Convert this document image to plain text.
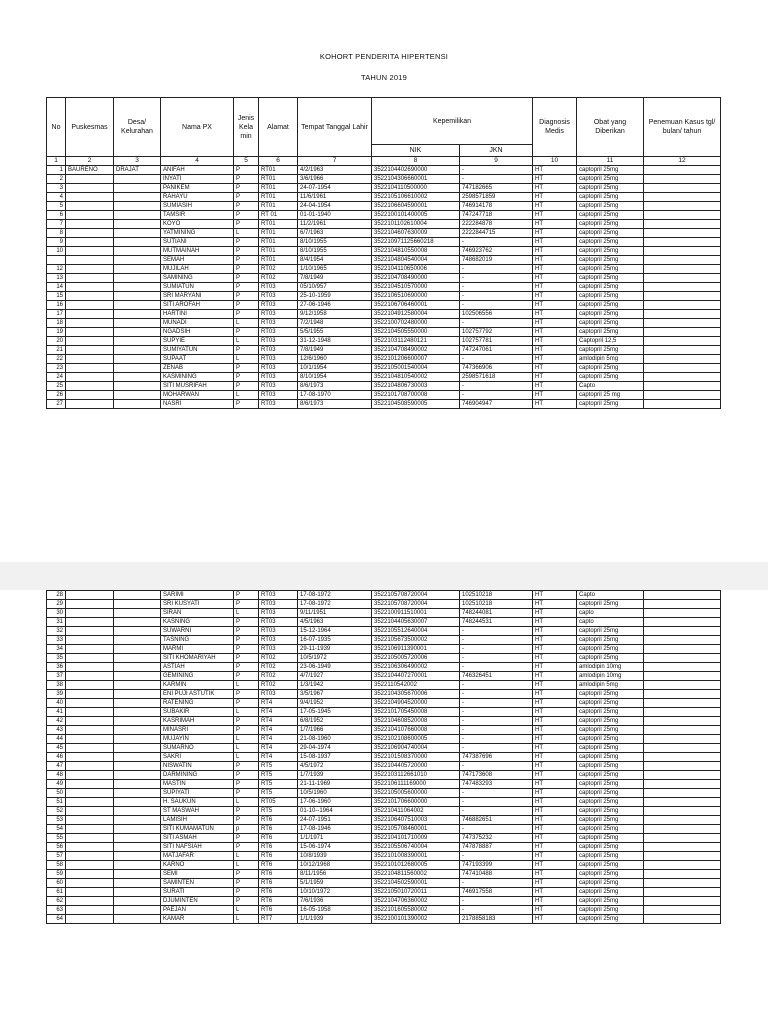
KOHORT PENDERITA HIPERTENSI
TAHUN 2019
No	Puskesmas	Desa/ Kelurahan	Nama PX	Jenis Kela min	Alamat	Tempat Tanggal Lahir	Kepemilikan		Diagnosis Medis	Obat yang Diberikan	Penemuan Kasus tgl/ bulan/ tahun
							NIK	JKN			
1	2	3	4	5	6	7	8	9	10	11	12
1	BAURENO	DRAJAT	ANIFAH	P	RT01	4/2/1963	3522104402690000	-	HT	captopril 25mg	
2			INYATI	P	RT01	3/6/1966	3522104306660001	-	HT	captopril 25mg	
3			PANIKEM	P	RT01	24-07-1954	3522104110500000	747182665	HT	captopril 25mg	
4			RAHAYU	P	RT01	11/6/1961	3522105106610002	2598571859	HT	captopril 25mg	
5			SUMIASIH	P	RT01	24-04-1954	3522106604590001	746914178	HT	captopril 25mg	
6			TAMSIR	P	RT 01	01-01-1940	3522100101400005	747247718	HT	captopril 25mg	
7			KOYO	P	RT01	11/2/1961	3522101102610004	222284878	HT	captopril 25mg	
8			YATMINING	L	RT01	6/7/1963	3522104607630009	2222844715	HT	captopril 25mg	
9			SUTIANI	P	RT01	8/10/1955	352210971125660218	-	HT	captopril 25mg	
10			MUTMAINAH	P	RT01	8/10/1955	3522104810550008	746923762	HT	captopril 25mg	
			SEMAH	P	RT01	8/4/1954	3522104804540004	748682019	HT	captopril 25mg	
12			MUJILAH	P	RT02	1/10/1965	3522104110650006	-	HT	captopril 25mg	
13			SAMINING	P	RT02	7/8/1949	3522104708490000	-	HT	captopril 25mg	
14			SUMIATUN	P	RT03	05/10/957	3522104510570000	-	HT	captopril 25mg	
15			SRI MARYANI	P	RT03	25-10-1959	3522106510690000	-	HT	captopril 25mg	
16			SITI AROFAH	P	RT03	27-06-1946	3522106706460001	-	HT	captopril 25mg	
17			HARTINI	P	RT03	9/12/1958	3522104912580004	102506556	HT	captopril 25mg	
18			MUNADI	L	RT03	7/2/1948	3522100702480000	-	HT	captopril 25mg	
19			NGADSIH	P	RT03	5/5/1955	3522104505550000	102757792	HT	captopril 25mg	
20			SUPYIE	L	RT03	31-12-1948	3522103112480121	102757781	HT	Captopril 12,5	
21			SUMIYATUN	P	RT03	7/8/1949	3522104708490002	747247061	HT	captopril 25mg	
22			SUPAAT	L	RT03	12/6/1960	3522101206600007	-	HT	amlodipin 5mg	
23			ZENAB	P	RT03	10/1/1954	3522105001540004	747366906	HT	captopril 25mg	
24			KASMINING	P	RT03	8/10/1954	3522104810540002	2598571618	HT	captopril 25mg	
25			SITI MUSRIFAH	P	RT03	8/6/1973	3522104806730003	-	HT	Capto	
26			MOHARWAN	L	RT03	17-08-1970	3522101708700008	-	HT	captopril 25 mg	
27			NASRI	P	RT03	8/6/1973	3522104508590005	746904947	HT	captopril 25mg	
28			SARIMI	P	RT03	17-08-1972	3522105708720004	102510218	HT	Capto	
29			SRI KUSYATI	P	RT03	17-08-1972	3522105708720004	102510218	HT	captopril 25mg	
30			SIRAN	L	RT03	9/11/1951	3522100911510001	748244081	HT	capto	
31			KASNING	P	RT03	4/5/1963	3522104405630007	748244531	HT	capto	
32			SUWARNI	P	RT03	15-12-1964	3522105512640004	-	HT	captopril 25mg	
33			TASNING	P	RT03	16-07-1935	3522105673500002	-	HT	captopril 25mg	
34			MARMI	P	RT03	29-11-1939	3522106911390001	-	HT	captopril 25mg	
35			SITI KHOMARIYAH	P	RT02	10/5/1972	3522105005720006	-	HT	captopril 25mg	
36			ASTIAH	P	RT02	23-06-1949	3522106306490002	-	HT	amlodipin 10mg	
37			GEMINING	P	RT02	4/7/1927	3522104407270001	746326451	HT	amlodipin 10mg	
38			KARMIN	L	RT02	1/3/1942	3522110542002	-	HT	amlodipin 5mg	
39			ENI PUJI ASTUTIK	P	RT03	3/5/1967	3522104305670006	-	HT	captopril 25mg	
40			RATENING	P	RT4	9/4/1952	3522104904520000	-	HT	captopril 25mg	
41			SUBAKIR	L	RT4	17-05-1945	3522101705450008	-	HT	captopril 25mg	
42			KASRIMAH	P	RT4	6/8/1952	3522104608520008	-	HT	captopril 25mg	
43			MINASRI	P	RT4	1/7/1966	3522104107660008	-	HT	captopril 25mg	
44			MUJAYIN	L	RT4	21-08-1960	3522102108600005	-	HT	captopril 25mg	
45			SUMARNO	L	RT4	29-04-1974	3522106904740004	-	HT	captopril 25mg	
46			SAKRI	L	RT4	15-08-1937	3522101508370000	747387696	HT	captopril 25mg	
47			NISWATIN	P	RT5	4/5/1972	3522104405720000	-	HT	captopril 25mg	
48			DARMINING	P	RT5	1/7/1939	3522103112661010	747173608	HT	captopril 25mg	
49			MASTIN	P	RT5	21-11-1969	3522106111169000	747483293	HT	captopril 25mg	
50			SUPIYATI	P	RT5	10/5/1960	3522105005600000	-	HT	captopril 25mg	
51			H. SAUKUN	L	RT05	17-06-1960	3522101706600000	-	HT	captopril 25mg	
52			ST MASWAH	P	RT5	01-10--1964	352210411064002	-	HT	captopril 25mg	
53			LAMISIH	P	RT6	24-07-1951	3522106407510003	746882651	HT	captopril 25mg	
54			SITI KUMAMATUN	p	RT6	17-08-1946	3522105708460001	-	HT	captopril 25mg	
55			SITI ASMAH	P	RT6	1/1/1971	3522104101710009	747375232	HT	captopril 25mg	
56			SITI NAFSIAH	P	RT6	15-06-1974	3522105506740004	747878887	HT	captopril 25mg	
57			MATJAFAR	L	RT6	10/8/1939	3522101008390001	-	HT	captopril 25mg	
58			KARNO	L	RT6	10/12/1968	3522101012680005	747193399	HT	captopril 25mg	
59			SEMI	P	RT6	8/11/1956	3522104811560002	747410488	HT	captopril 25mg	
60			SAMINTEN	P	RT6	5/1/1959	3522104502590001	-	HT	captopril 25mg	
61			SURATI	P	RT6	10/10/1972	3522105010720011	746917558	HT	captopril 25mg	
62			DJUMINTEN	P	RT6	7/6/1936	3522104706360002	-	HT	captopril 25mg	
63			PAEJAN	L	RT6	16-05-1958	3522101605580002	-	HT	captopril 25mg	
64			KAMAR	L	RT7	1/1/1939	3522100101390002	2178858183	HT	captopril 25mg	
